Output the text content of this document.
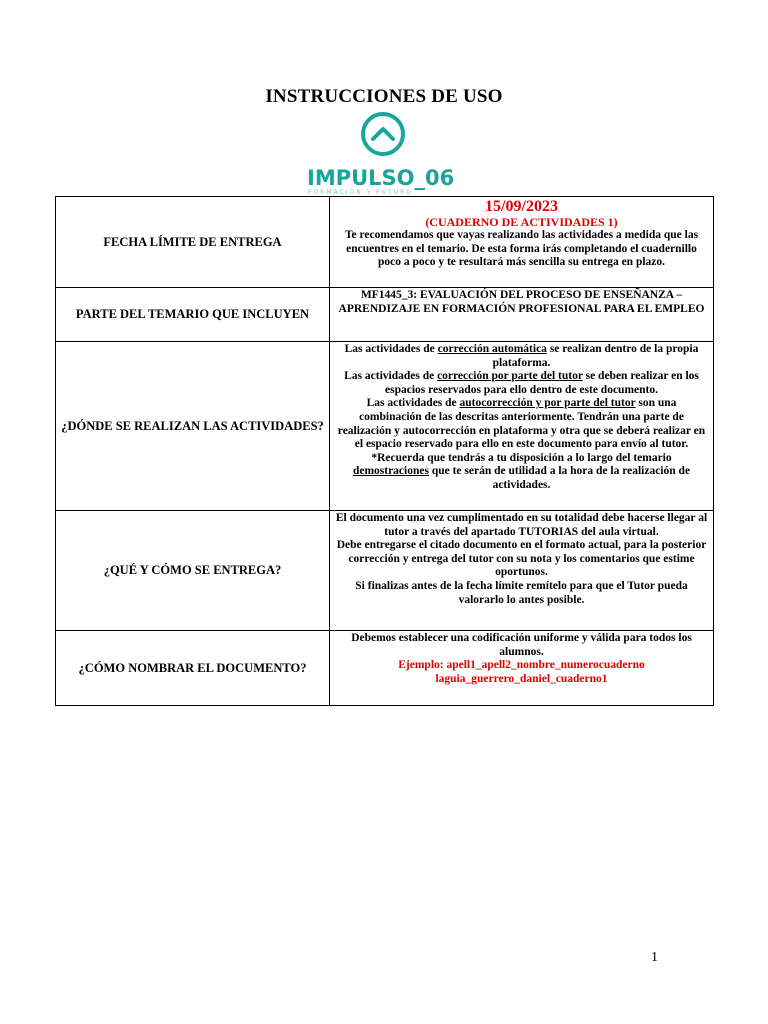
INSTRUCCIONES DE USO
IMPULSO_06
FORMACIÓN Y FUTURO
FECHA LÍMITE DE ENTREGA	15/09/2023
(CUADERNO DE ACTIVIDADES 1)
Te recomendamos que vayas realizando las actividades a medida que las encuentres en el temario. De esta forma irás completando el cuadernillo poco a poco y te resultará más sencilla su entrega en plazo.
PARTE DEL TEMARIO QUE INCLUYEN	MF1445_3: EVALUACIÓN DEL PROCESO DE ENSEÑANZA – APRENDIZAJE EN FORMACIÓN PROFESIONAL PARA EL EMPLEO
¿DÓNDE SE REALIZAN LAS ACTIVIDADES?	Las actividades de corrección automática se realizan dentro de la propia plataforma.
Las actividades de corrección por parte del tutor se deben realizar en los espacios reservados para ello dentro de este documento.
Las actividades de autocorrección y por parte del tutor son una combinación de las descritas anteriormente. Tendrán una parte de realización y autocorrección en plataforma y otra que se deberá realizar en el espacio reservado para ello en este documento para envío al tutor.
*Recuerda que tendrás a tu disposición a lo largo del temario demostraciones que te serán de utilidad a la hora de la realización de actividades.

¿QUÉ Y CÓMO SE ENTREGA?	El documento una vez cumplimentado en su totalidad debe hacerse llegar al tutor a través del apartado TUTORIAS del aula virtual.
Debe entregarse el citado documento en el formato actual, para la posterior corrección y entrega del tutor con su nota y los comentarios que estime oportunos.
Si finalizas antes de la fecha límite remítelo para que el Tutor pueda valorarlo lo antes posible.

¿CÓMO NOMBRAR EL DOCUMENTO?	Debemos establecer una codificación uniforme y válida para todos los alumnos.
Ejemplo: apell1_apell2_nombre_numerocuaderno
laguia_guerrero_daniel_cuaderno1
1
